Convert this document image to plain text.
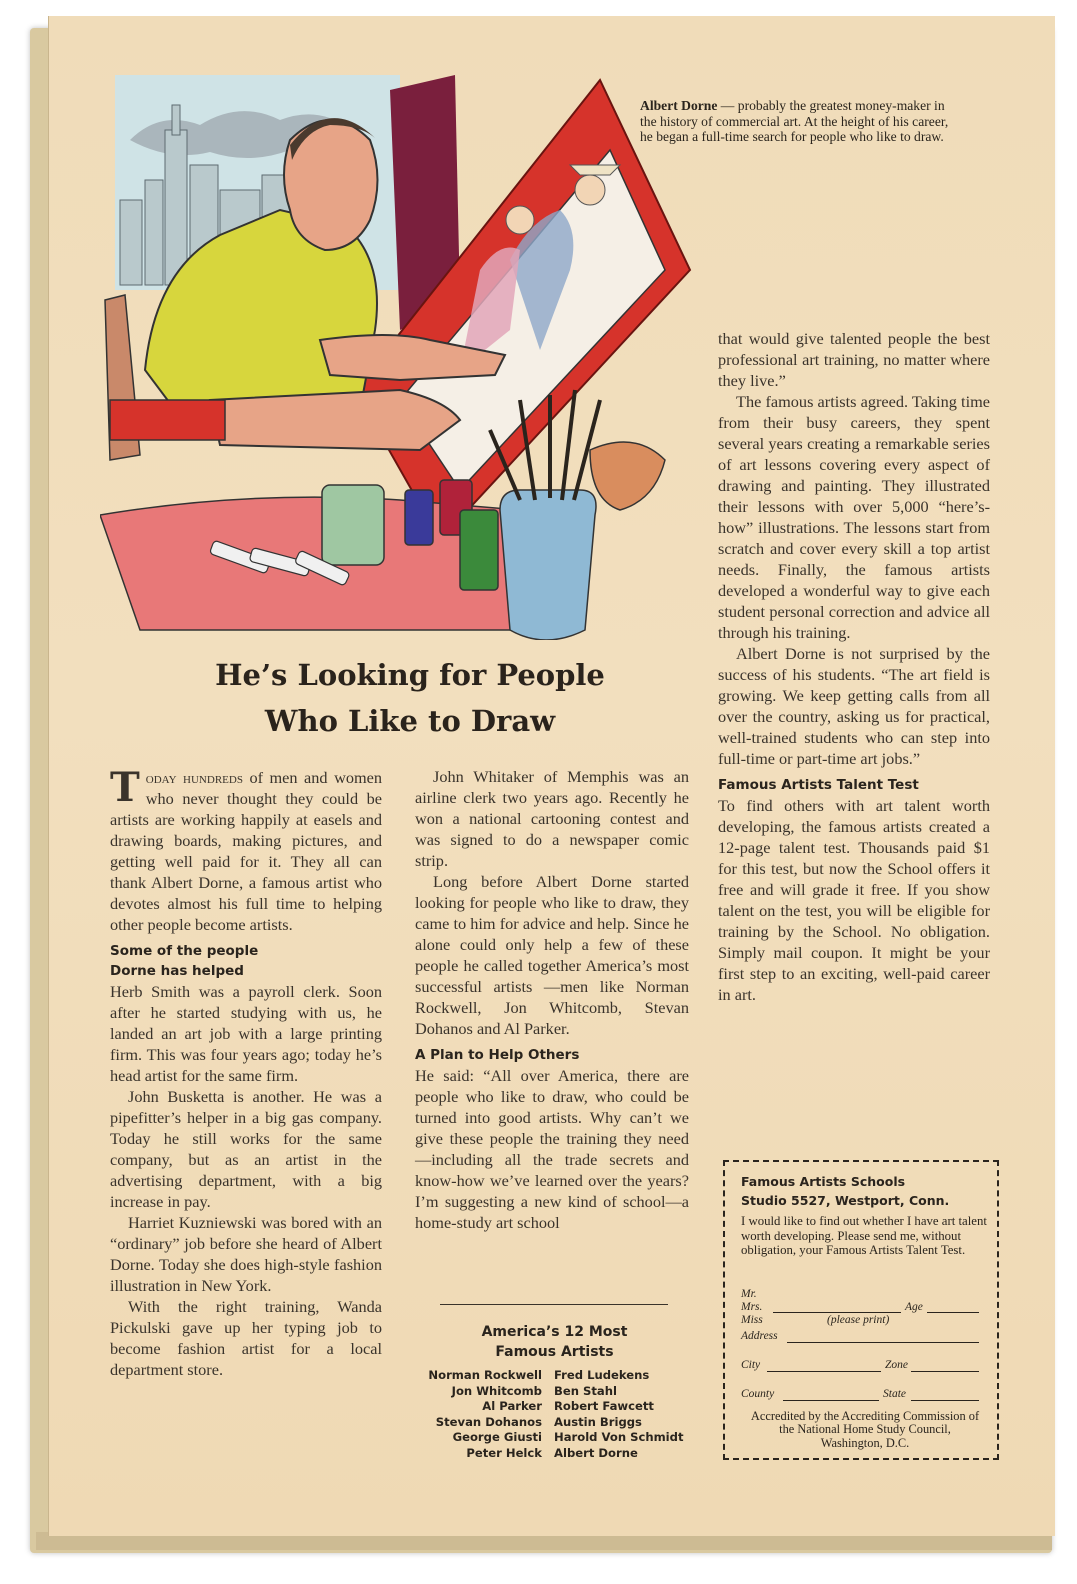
Albert Dorne — probably the greatest money-maker in the history of commercial art. At the height of his career, he began a full-time search for people who like to draw.
He’s Looking for People
Who Like to Draw

Today hundreds of men and women who never thought they could be artists are working happily at easels and drawing boards, making pictures, and getting well paid for it. They all can thank Albert Dorne, a famous artist who devotes almost his full time to helping other people become artists.

Some of the people
Dorne has helped

Herb Smith was a payroll clerk. Soon after he started studying with us, he landed an art job with a large printing firm. This was four years ago; today he’s head artist for the same firm.

John Busketta is another. He was a pipefitter’s helper in a big gas company. Today he still works for the same company, but as an artist in the advertising department, with a big increase in pay.

Harriet Kuzniewski was bored with an “ordinary” job before she heard of Albert Dorne. Today she does high-style fashion illustration in New York.

With the right training, Wanda Pickulski gave up her typing job to become fashion artist for a local department store.

John Whitaker of Memphis was an airline clerk two years ago. Recently he won a national cartooning contest and was signed to do a newspaper comic strip.

Long before Albert Dorne started looking for people who like to draw, they came to him for advice and help. Since he alone could only help a few of these people he called together America’s most successful artists —men like Norman Rockwell, Jon Whitcomb, Stevan Dohanos and Al Parker.

A Plan to Help Others

He said: “All over America, there are people who like to draw, who could be turned into good artists. Why can’t we give these people the training they need—including all the trade secrets and know-how we’ve learned over the years? I’m suggesting a new kind of school—a home-study art school

America’s 12 Most
Famous Artists
Norman Rockwell	Fred Ludekens
Jon Whitcomb	Ben Stahl
Al Parker	Robert Fawcett
Stevan Dohanos	Austin Briggs
George Giusti	Harold Von Schmidt
Peter Helck	Albert Dorne

that would give talented people the best professional art training, no matter where they live.”

The famous artists agreed. Taking time from their busy careers, they spent several years creating a remarkable series of art lessons covering every aspect of drawing and painting. They illustrated their lessons with over 5,000 “here’s-how” illustrations. The lessons start from scratch and cover every skill a top artist needs. Finally, the famous artists developed a wonderful way to give each student personal correction and advice all through his training.

Albert Dorne is not surprised by the success of his students. “The art field is growing. We keep getting calls from all over the country, asking us for practical, well-trained students who can step into full-time or part-time art jobs.”

Famous Artists Talent Test

To find others with art talent worth developing, the famous artists created a 12-page talent test. Thousands paid $1 for this test, but now the School offers it free and will grade it free. If you show talent on the test, you will be eligible for training by the School. No obligation. Simply mail coupon. It might be your first step to an exciting, well-paid career in art.

Famous Artists Schools
Studio 5527, Westport, Conn.
I would like to find out whether I have art talent worth developing. Please send me, without obligation, your Famous Artists Talent Test.
Mr.
Mrs.
Miss	(please print)
Age
Address
City	Zone
County	State
Accredited by the Accrediting Commission of the National Home Study Council, Washington, D.C.
